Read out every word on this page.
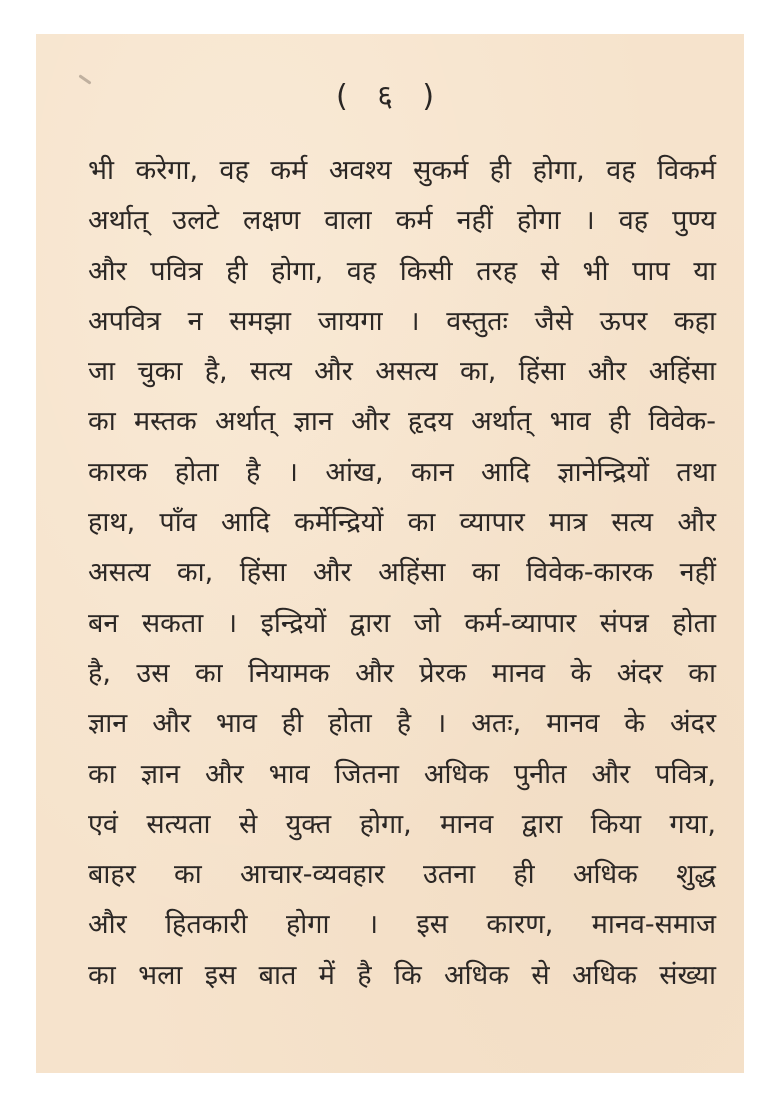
( ६ )
भी करेगा, वह कर्म अवश्य सुकर्म ही होगा, वह विकर्म
अर्थात् उलटे लक्षण वाला कर्म नहीं होगा । वह पुण्य
और पवित्र ही होगा, वह किसी तरह से भी पाप या
अपवित्र न समझा जायगा । वस्तुतः जैसे ऊपर कहा
जा चुका है, सत्य और असत्य का, हिंसा और अहिंसा
का मस्तक अर्थात् ज्ञान और हृदय अर्थात् भाव ही विवेक-
कारक होता है । आंख, कान आदि ज्ञानेन्द्रियों तथा
हाथ, पाँव आदि कर्मेन्द्रियों का व्यापार मात्र सत्य और
असत्य का, हिंसा और अहिंसा का विवेक-कारक नहीं
बन सकता । इन्द्रियों द्वारा जो कर्म-व्यापार संपन्न होता
है, उस का नियामक और प्रेरक मानव के अंदर का
ज्ञान और भाव ही होता है । अतः, मानव के अंदर
का ज्ञान और भाव जितना अधिक पुनीत और पवित्र,
एवं सत्यता से युक्त होगा, मानव द्वारा किया गया,
बाहर का आचार-व्यवहार उतना ही अधिक शुद्ध
और हितकारी होगा । इस कारण, मानव-समाज
का भला इस बात में है कि अधिक से अधिक संख्या
